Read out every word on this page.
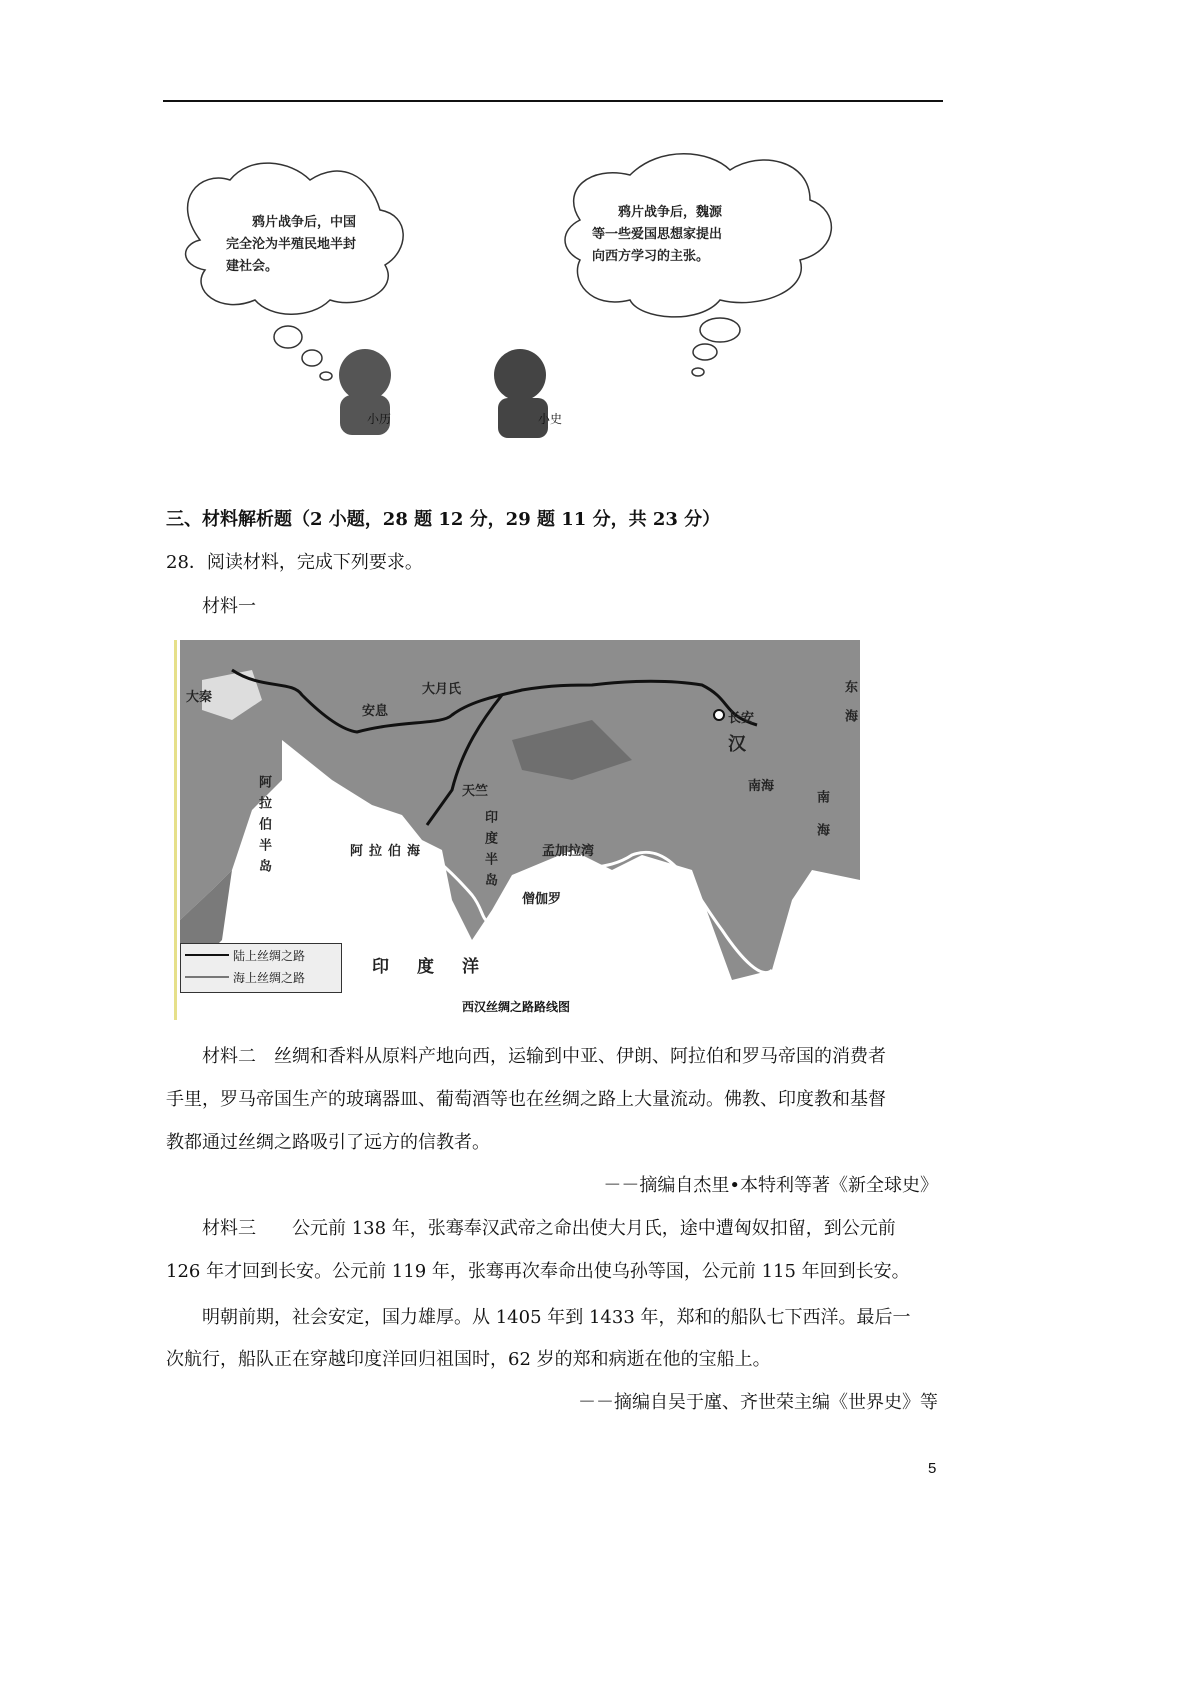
　　鸦片战争后，中国
完全沦为半殖民地半封
建社会。
　　鸦片战争后，魏源
等一些爱国思想家提出
向西方学习的主张。
小历	小史
三、材料解析题（2 小题，28 题 12 分，29 题 11 分，共 23 分）
28．阅读材料，完成下列要求。
材料一
长安
汉
南海
天竺
安息
大月氏
大秦
阿拉伯半岛	印度半岛
东海
南海
阿拉伯海	孟加拉湾
僧伽罗
印度洋
陆上丝绸之路
海上丝绸之路
西汉丝绸之路路线图
材料二　丝绸和香料从原料产地向西，运输到中亚、伊朗、阿拉伯和罗马帝国的消费者
手里，罗马帝国生产的玻璃器皿、葡萄酒等也在丝绸之路上大量流动。佛教、印度教和基督
教都通过丝绸之路吸引了远方的信教者。
－－摘编自杰里•本特利等著《新全球史》
材料三　　公元前 138 年，张骞奉汉武帝之命出使大月氏，途中遭匈奴扣留，到公元前
126 年才回到长安。公元前 119 年，张骞再次奉命出使乌孙等国，公元前 115 年回到长安。
明朝前期，社会安定，国力雄厚。从 1405 年到 1433 年，郑和的船队七下西洋。最后一
次航行，船队正在穿越印度洋回归祖国时，62 岁的郑和病逝在他的宝船上。
－－摘编自吴于廑、齐世荣主编《世界史》等
5
